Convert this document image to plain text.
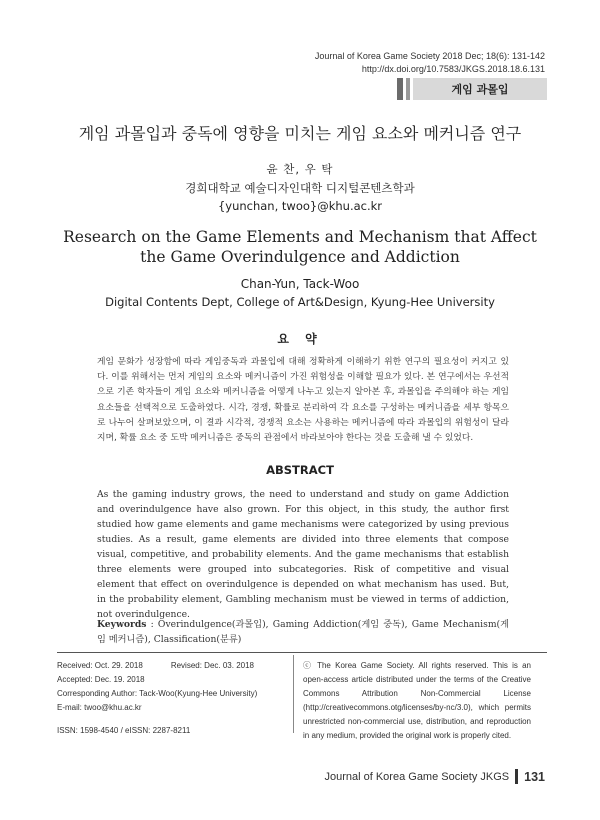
Journal of Korea Game Society 2018 Dec; 18(6): 131-142
http://dx.doi.org/10.7583/JKGS.2018.18.6.131
게임 과몰입
게임 과몰입과 중독에 영향을 미치는 게임 요소와 메커니즘 연구
윤 찬, 우 탁
경희대학교 예술디자인대학 디지털콘텐츠학과
{yunchan, twoo}@khu.ac.kr
Research on the Game Elements and Mechanism that Affect the Game Overindulgence and Addiction
Chan-Yun, Tack-Woo
Digital Contents Dept, College of Art&Design, Kyung-Hee University
요 약
게임 문화가 성장함에 따라 게임중독과 과몰입에 대해 정확하게 이해하기 위한 연구의 필요성이 커지고 있다. 이를 위해서는 먼저 게임의 요소와 메커니즘이 가진 위험성을 이해할 필요가 있다. 본 연구에서는 우선적으로 기존 학자들이 게임 요소와 메커니즘을 어떻게 나누고 있는지 알아본 후, 과몰입을 주의해야 하는 게임 요소들을 선택적으로 도출하였다. 시각, 경쟁, 확률로 분리하여 각 요소를 구성하는 메커니즘을 세부 항목으로 나누어 살펴보았으며, 이 결과 시각적, 경쟁적 요소는 사용하는 메커니즘에 따라 과몰입의 위험성이 달라지며, 확률 요소 중 도박 메커니즘은 중독의 관점에서 바라보아야 한다는 것을 도출해 낼 수 있었다.
ABSTRACT
As the gaming industry grows, the need to understand and study on game Addiction and overindulgence have also grown. For this object, in this study, the author first studied how game elements and game mechanisms were categorized by using previous studies. As a result, game elements are divided into three elements that compose visual, competitive, and probability elements. And the game mechanisms that establish three elements were grouped into subcategories. Risk of competitive and visual element that effect on overindulgence is depended on what mechanism has used. But, in the probability element, Gambling mechanism must be viewed in terms of addiction, not overindulgence.
Keywords : Overindulgence(과몰입), Gaming Addiction(게임 중독), Game Mechanism(게임 메커니즘), Classification(분류)
Received: Oct. 29. 2018	Revised: Dec. 03. 2018
Accepted: Dec. 19. 2018
Corresponding Author: Tack-Woo(Kyung-Hee University)
E-mail: twoo@khu.ac.kr
ISSN: 1598-4540 / eISSN: 2287-8211
ⓒ The Korea Game Society. All rights reserved. This is an open-access article distributed under the terms of the Creative Commons Attribution Non-Commercial License (http://creativecommons.otg/licenses/by-nc/3.0), which permits unrestricted non-commercial use, distribution, and reproduction in any medium, provided the original work is properly cited.
Journal of Korea Game Society JKGS 131
